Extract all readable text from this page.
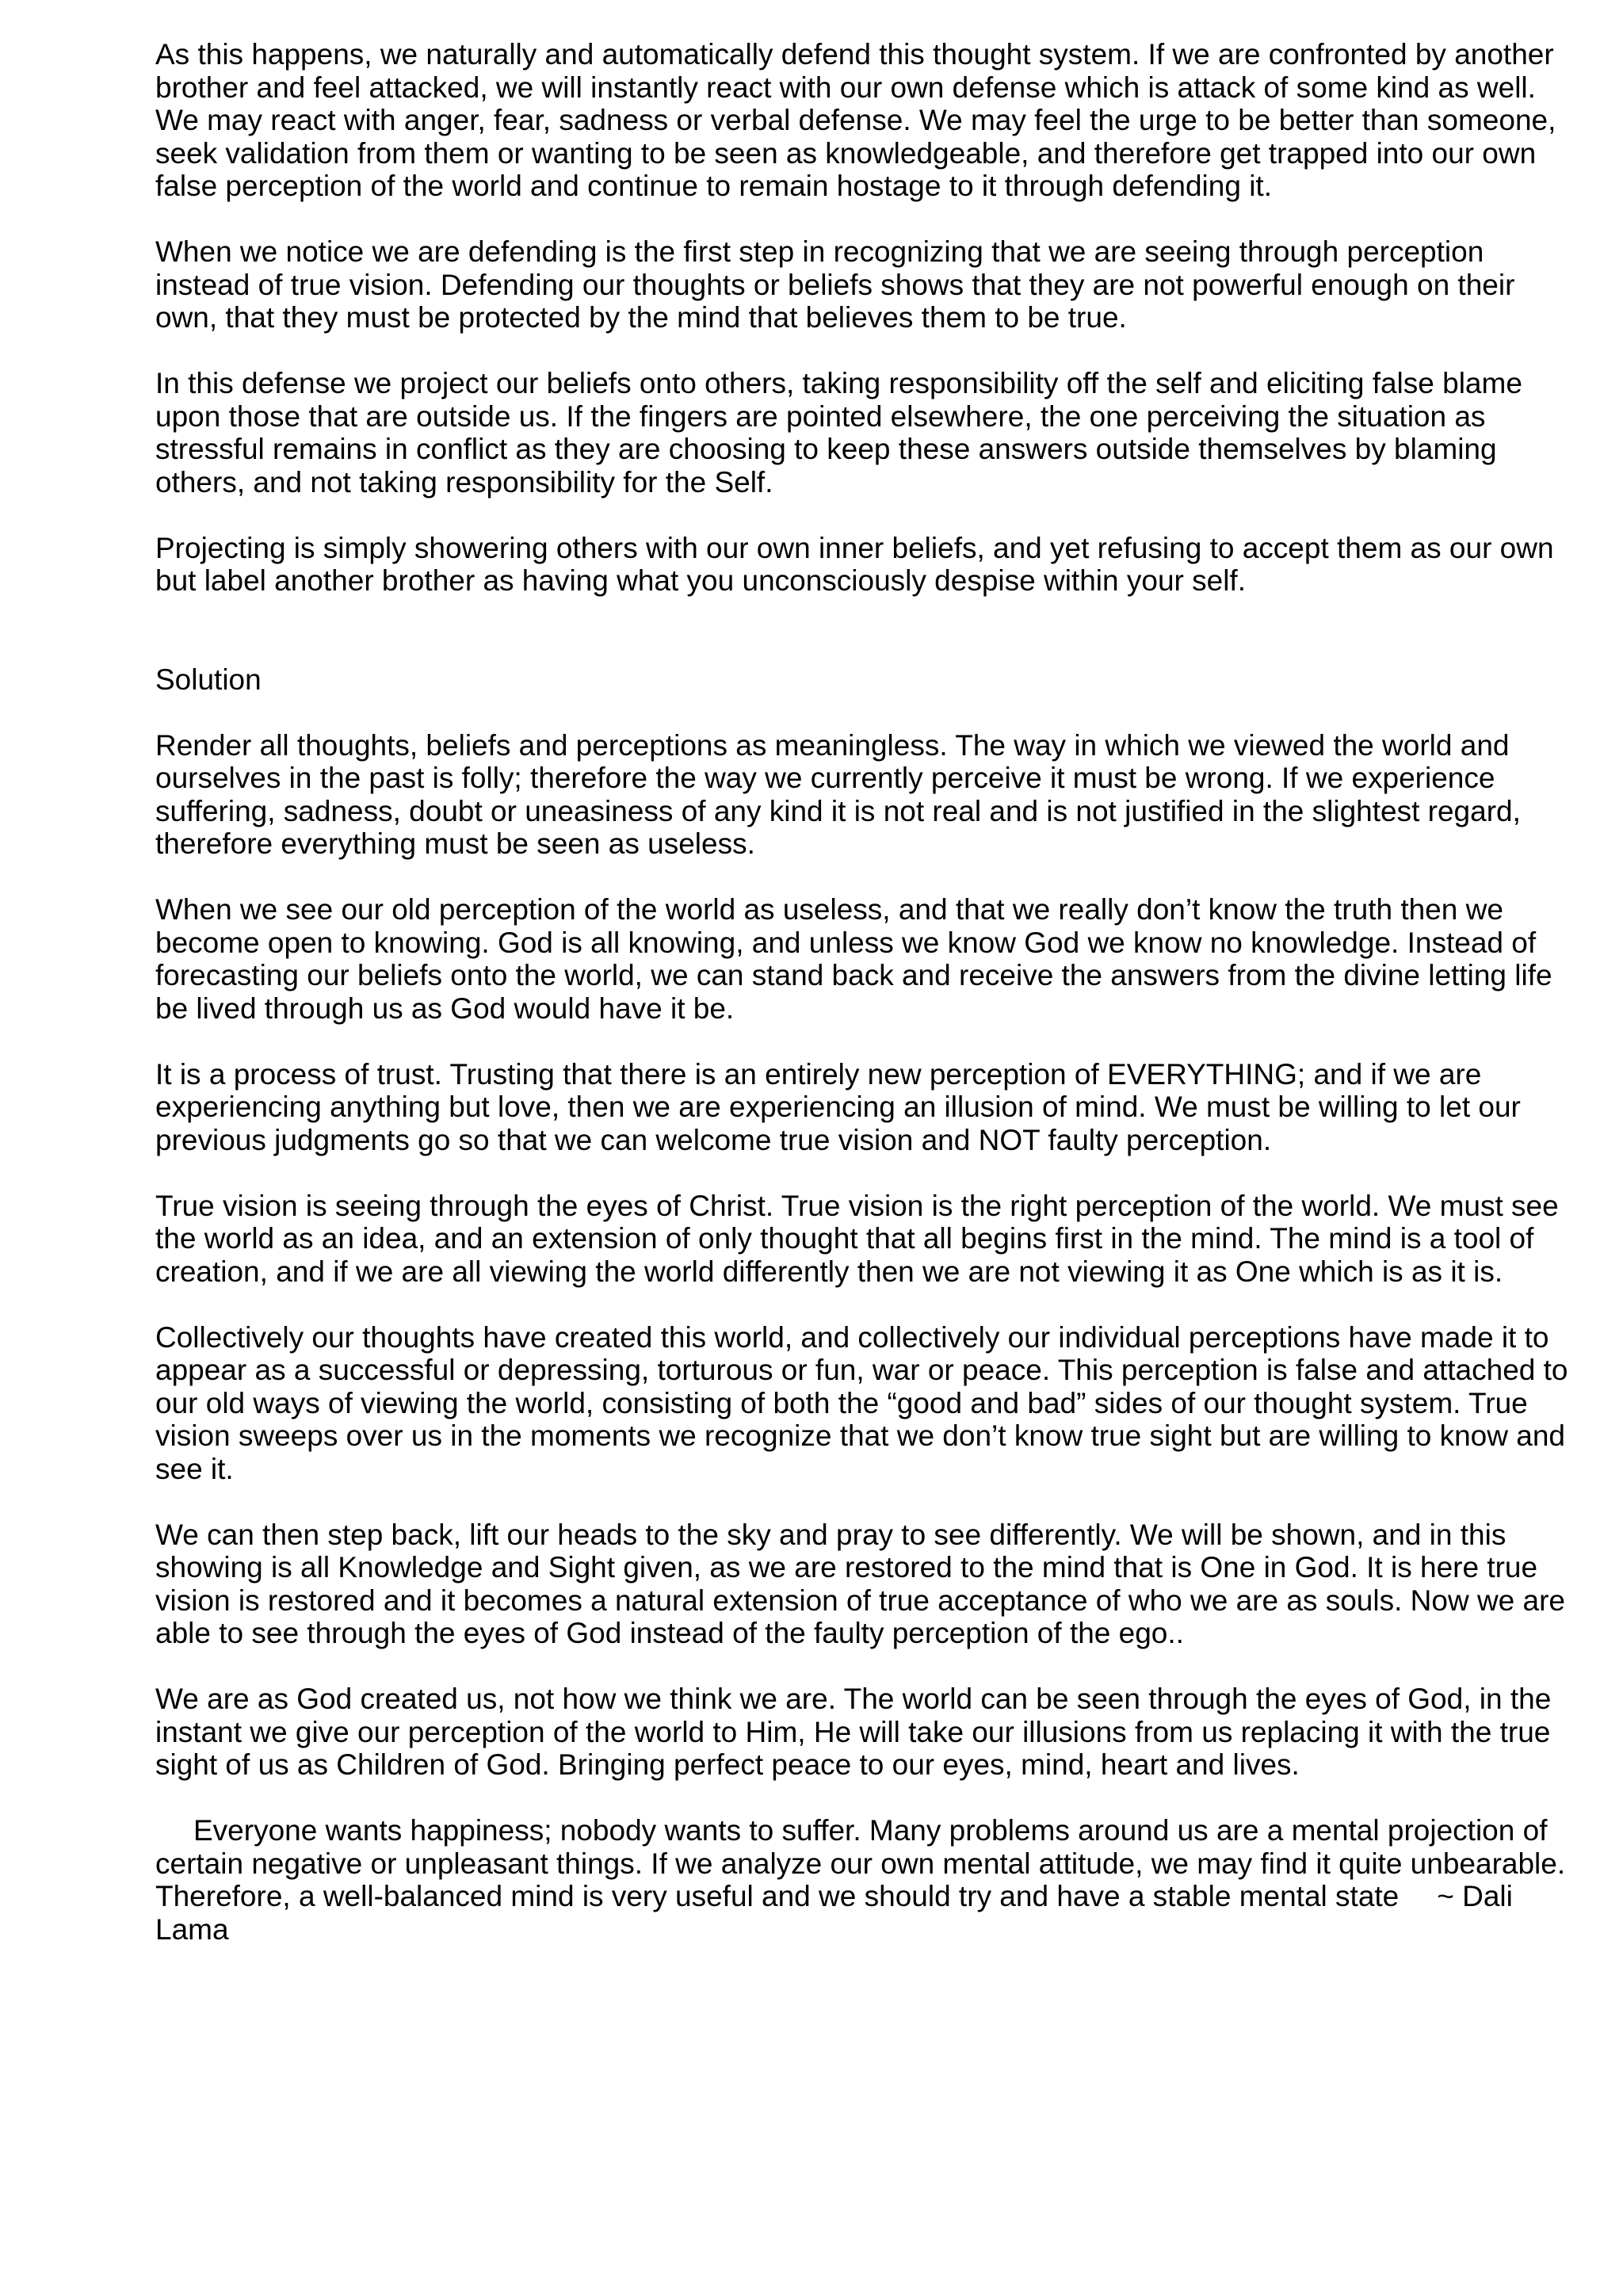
As this happens, we naturally and automatically defend this thought system. If we are confronted by another brother and feel attacked, we will instantly react with our own defense which is attack of some kind as well. We may react with anger, fear, sadness or verbal defense. We may feel the urge to be better than someone, seek validation from them or wanting to be seen as knowledgeable, and therefore get trapped into our own false perception of the world and continue to remain hostage to it through defending it.

When we notice we are defending is the first step in recognizing that we are seeing through perception instead of true vision. Defending our thoughts or beliefs shows that they are not powerful enough on their own, that they must be protected by the mind that believes them to be true.

In this defense we project our beliefs onto others, taking responsibility off the self and eliciting false blame upon those that are outside us. If the fingers are pointed elsewhere, the one perceiving the situation as stressful remains in conflict as they are choosing to keep these answers outside themselves by blaming others, and not taking responsibility for the Self.

Projecting is simply showering others with our own inner beliefs, and yet refusing to accept them as our own but label another brother as having what you unconsciously despise within your self.

Solution

Render all thoughts, beliefs and perceptions as meaningless. The way in which we viewed the world and ourselves in the past is folly; therefore the way we currently perceive it must be wrong. If we experience suffering, sadness, doubt or uneasiness of any kind it is not real and is not justified in the slightest regard, therefore everything must be seen as useless.

When we see our old perception of the world as useless, and that we really don’t know the truth then we become open to knowing. God is all knowing, and unless we know God we know no knowledge. Instead of forecasting our beliefs onto the world, we can stand back and receive the answers from the divine letting life be lived through us as God would have it be.

It is a process of trust. Trusting that there is an entirely new perception of EVERYTHING; and if we are experiencing anything but love, then we are experiencing an illusion of mind. We must be willing to let our previous judgments go so that we can welcome true vision and NOT faulty perception.

True vision is seeing through the eyes of Christ. True vision is the right perception of the world. We must see the world as an idea, and an extension of only thought that all begins first in the mind. The mind is a tool of creation, and if we are all viewing the world differently then we are not viewing it as One which is as it is.

Collectively our thoughts have created this world, and collectively our individual perceptions have made it to appear as a successful or depressing, torturous or fun, war or peace. This perception is false and attached to our old ways of viewing the world, consisting of both the “good and bad” sides of our thought system. True vision sweeps over us in the moments we recognize that we don’t know true sight but are willing to know and see it.

We can then step back, lift our heads to the sky and pray to see differently. We will be shown, and in this showing is all Knowledge and Sight given, as we are restored to the mind that is One in God. It is here true vision is restored and it becomes a natural extension of true acceptance of who we are as souls. Now we are able to see through the eyes of God instead of the faulty perception of the ego..

We are as God created us, not how we think we are. The world can be seen through the eyes of God, in the instant we give our perception of the world to Him, He will take our illusions from us replacing it with the true sight of us as Children of God. Bringing perfect peace to our eyes, mind, heart and lives.

Everyone wants happiness; nobody wants to suffer. Many problems around us are a mental projection of certain negative or unpleasant things. If we analyze our own mental attitude, we may find it quite unbearable. Therefore, a well-balanced mind is very useful and we should try and have a stable mental state ~ Dali Lama
